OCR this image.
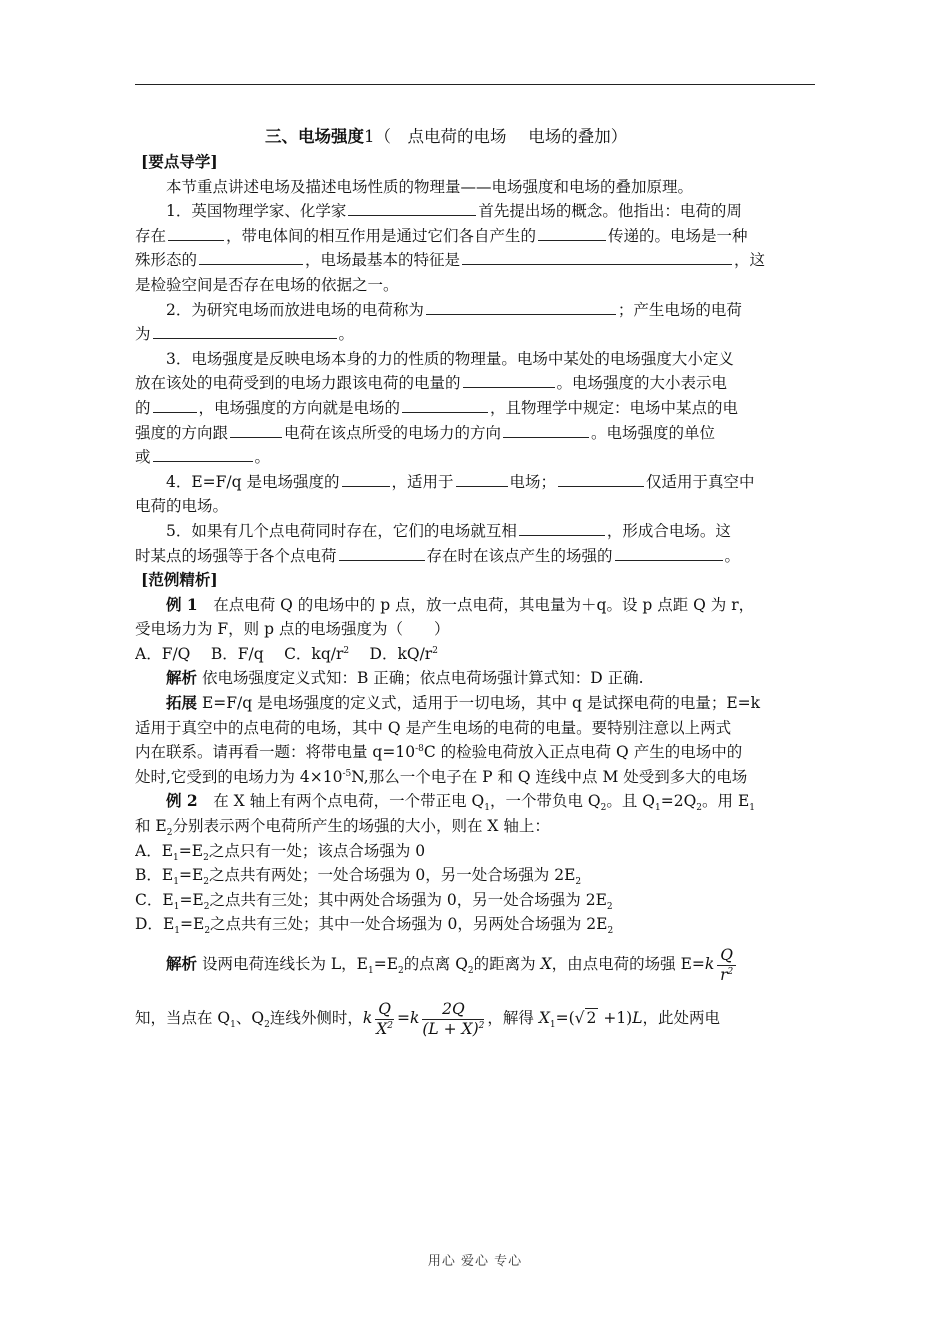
三、电场强度1（　点电荷的电场　 电场的叠加）
[要点导学]
本节重点讲述电场及描述电场性质的物理量——电场强度和电场的叠加原理。
1．英国物理学家、化学家	首先提出场的概念。他指出：电荷的周
存在	，带电体间的相互作用是通过它们各自产生的	传递的。电场是一种
殊形态的	，电场最基本的特征是	，这
是检验空间是否存在电场的依据之一。
2．为研究电场而放进电场的电荷称为	；产生电场的电荷
为	。
3．电场强度是反映电场本身的力的性质的物理量。电场中某处的电场强度大小定义
放在该处的电荷受到的电场力跟该电荷的电量的	。电场强度的大小表示电
的	，电场强度的方向就是电场的	，且物理学中规定：电场中某点的电
强度的方向跟	电荷在该点所受的电场力的方向	。电场强度的单位
或	。
4．E=F/q 是电场强度的	，适用于	电场；	仅适用于真空中
电荷的电场。
5．如果有几个点电荷同时存在，它们的电场就互相	，形成合电场。这
时某点的场强等于各个点电荷	存在时在该点产生的场强的	。
[范例精析]
例 1　 在点电荷 Q 的电场中的 p 点，放一点电荷，其电量为＋q。设 p 点距 Q 为 r，
受电场力为 F，则 p 点的电场强度为（　　）
A．F/Q　 B．F/q　 C．$kq/r^2$　 D．$kQ/r^2$
解析 依电场强度定义式知：B 正确；依点电荷场强计算式知：D 正确.
拓展 E=F/q 是电场强度的定义式，适用于一切电场，其中 q 是试探电荷的电量；E=k
适用于真空中的点电荷的电场，其中 Q 是产生电场的电荷的电量。要特别注意以上两式
内在联系。请再看一题：将带电量 $q=10^{-8}C$ 的检验电荷放入正点电荷 Q 产生的电场中的
处时,它受到的电场力为 $4\times 10^{-5}N$,那么一个电子在 P 和 Q 连线中点 M 处受到多大的电场
例 2　 在 X 轴上有两个点电荷，一个带正电 $Q_1$，一个带负电 $Q_2$。且 $Q_1=2Q_2$。用 $E_1$
和 $E_2$分别表示两个电荷所产生的场强的大小，则在 X 轴上：
A．$E_1=E_2$之点只有一处；该点合场强为 0
B．$E_1=E_2$之点共有两处；一处合场强为 0，另一处合场强为 $2E_2$
C．$E_1=E_2$之点共有三处；其中两处合场强为 0，另一处合场强为 $2E_2$
D．$E_1=E_2$之点共有三处；其中一处合场强为 0，另两处合场强为 $2E_2$
解析 设两电荷连线长为 L，$E_1=E_2$的点离 $Q_2$的距离为 X，由点电荷的场强 $E=k \frac{Q}{r^2}$
知，当点在 $Q_1$、$Q_2$连线外侧时，k $\frac{Q}{X^2} =k \frac{2Q}{(L + X)^2}$ ，解得 $X_1=(√$ 2 +1)L，此处两电
用心 爱心 专心
